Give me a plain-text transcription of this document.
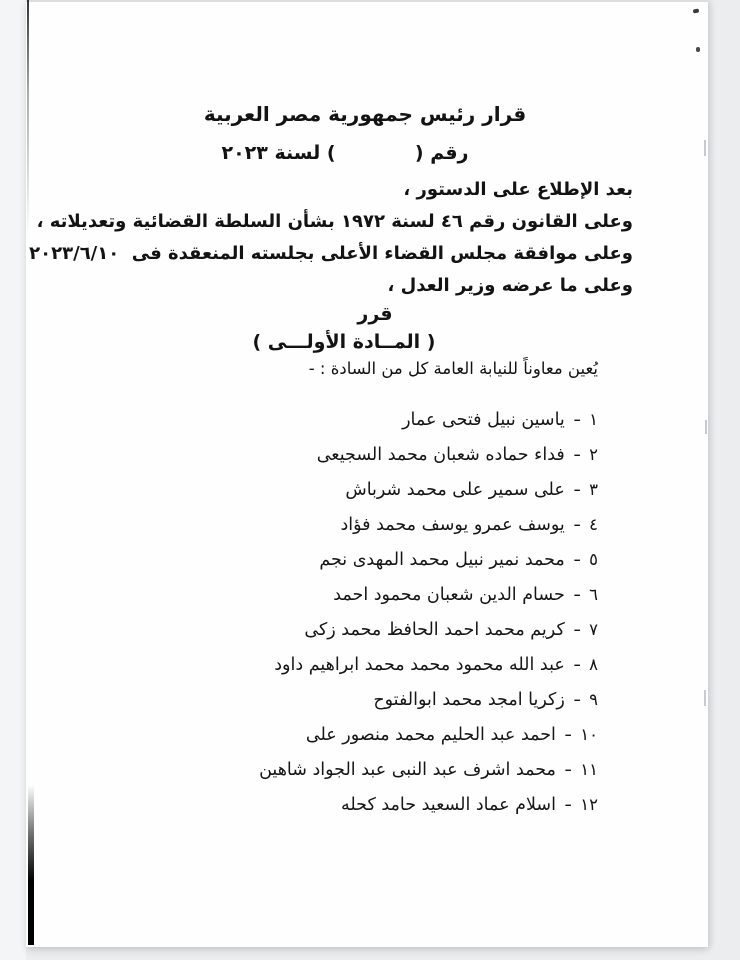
قرار رئيس جمهورية مصر العربية
رقم (            ) لسنة ٢٠٢٣
بعد الإطلاع على الدستور ،
وعلى القانون رقم ٤٦ لسنة ١٩٧٢ بشأن السلطة القضائية وتعديلاته ،
وعلى موافقة مجلس القضاء الأعلى بجلسته المنعقدة فى  ٢٠٢٣/٦/١٠
وعلى ما عرضه وزير العدل ،
قرر
( المــادة الأولـــى )
يُعين معاوناً للنيابة العامة كل من السادة : -
١
-
ياسين نبيل فتحى عمار
٢
-
فداء حماده شعبان محمد السجيعى
٣
-
على سمير على محمد شرباش
٤
-
يوسف عمرو يوسف محمد فؤاد
٥
-
محمد نمير نبيل محمد المهدى نجم
٦
-
حسام الدين شعبان محمود احمد
٧
-
كريم محمد احمد الحافظ محمد زكى
٨
-
عبد الله محمود محمد محمد ابراهيم داود
٩
-
زكريا امجد محمد ابوالفتوح
١٠
-
احمد عبد الحليم محمد منصور على
١١
-
محمد اشرف عبد النبى عبد الجواد شاهين
١٢
-
اسلام عماد السعيد حامد كحله
